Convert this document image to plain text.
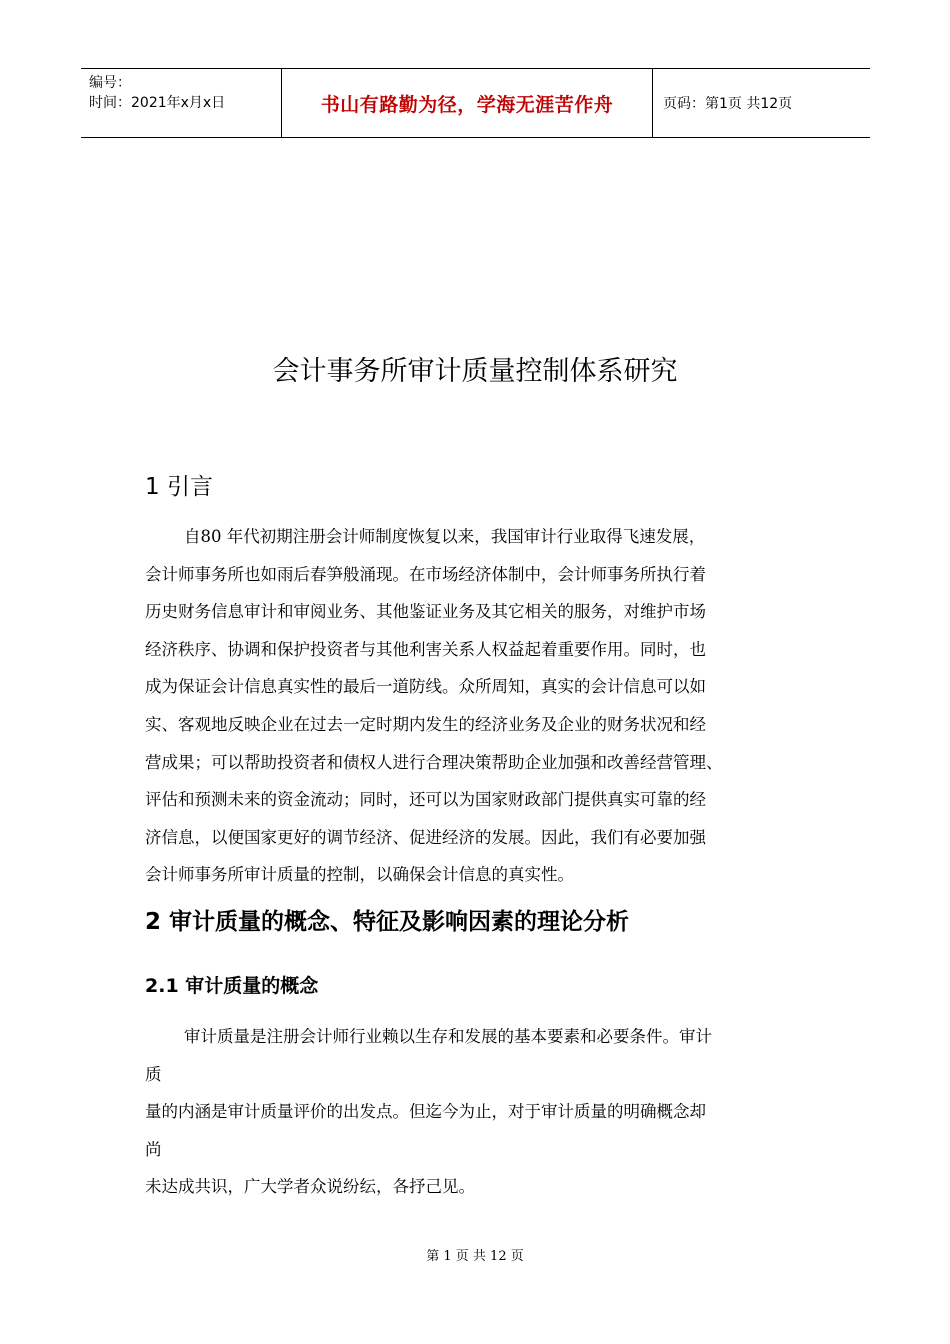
编号：
时间：2021年x月x日	书山有路勤为径，学海无涯苦作舟	页码：第1页 共12页
会计事务所审计质量控制体系研究
1 引言

自80 年代初期注册会计师制度恢复以来，我国审计行业取得飞速发展，

会计师事务所也如雨后春笋般涌现。在市场经济体制中，会计师事务所执行着

历史财务信息审计和审阅业务、其他鉴证业务及其它相关的服务，对维护市场

经济秩序、协调和保护投资者与其他利害关系人权益起着重要作用。同时，也

成为保证会计信息真实性的最后一道防线。众所周知，真实的会计信息可以如

实、客观地反映企业在过去一定时期内发生的经济业务及企业的财务状况和经

营成果；可以帮助投资者和债权人进行合理决策帮助企业加强和改善经营管理、

评估和预测未来的资金流动；同时，还可以为国家财政部门提供真实可靠的经

济信息，以便国家更好的调节经济、促进经济的发展。因此，我们有必要加强

会计师事务所审计质量的控制，以确保会计信息的真实性。

2 审计质量的概念、特征及影响因素的理论分析
2.1 审计质量的概念

审计质量是注册会计师行业赖以生存和发展的基本要素和必要条件。审计

质

量的内涵是审计质量评价的出发点。但迄今为止，对于审计质量的明确概念却

尚

未达成共识，广大学者众说纷纭，各抒己见。

第 1 页 共 12 页
